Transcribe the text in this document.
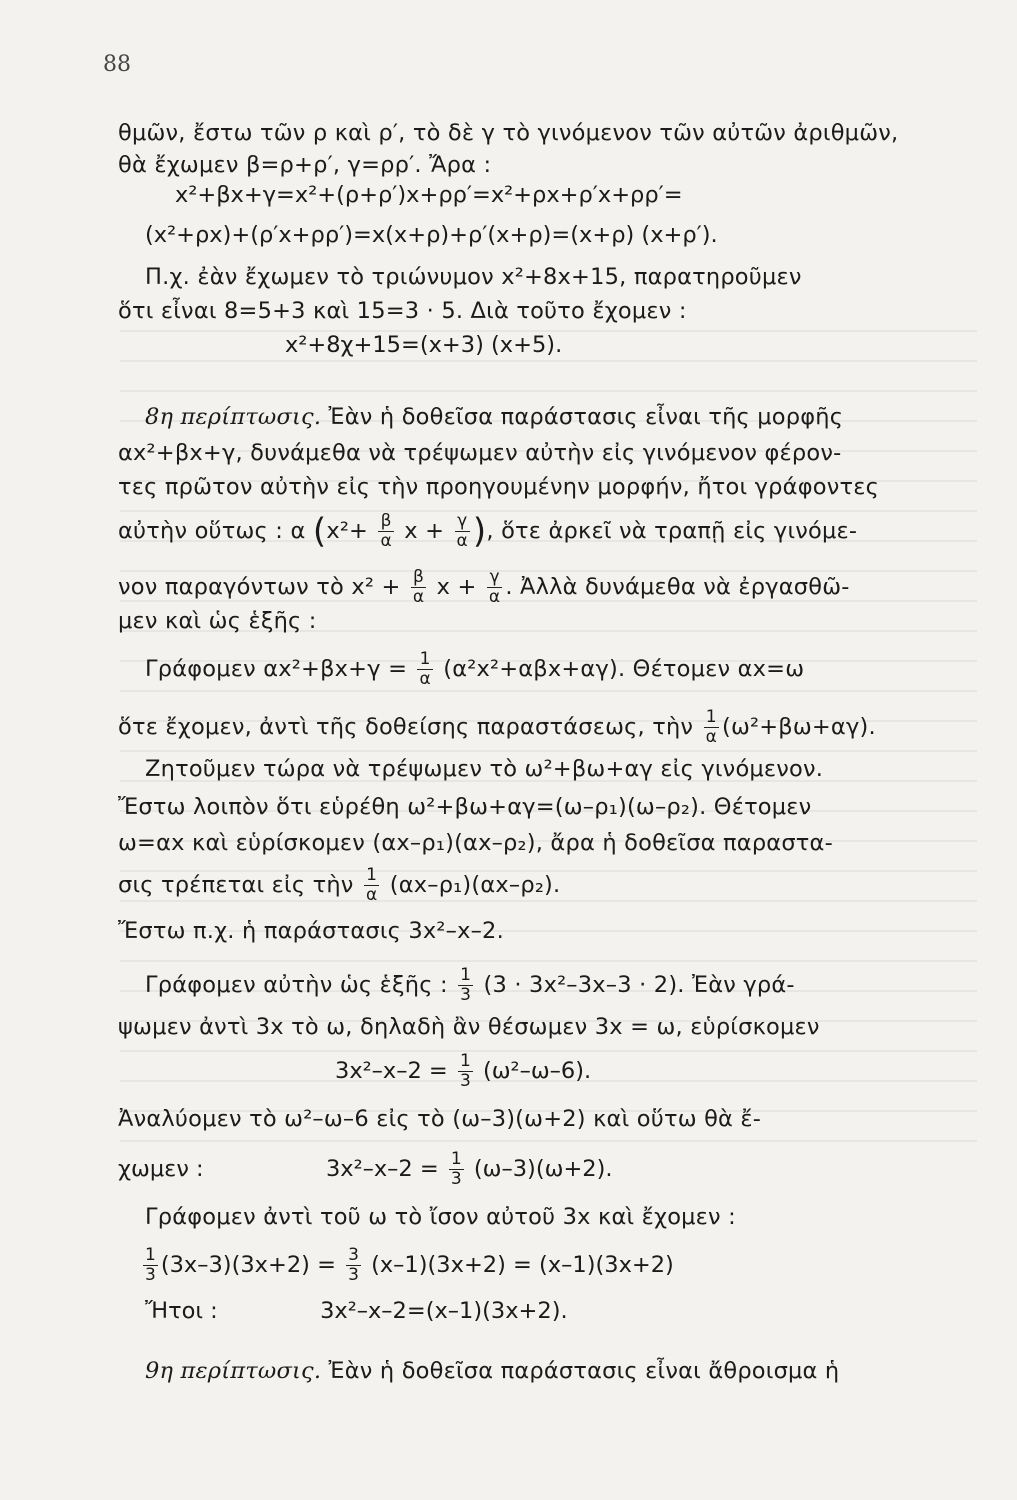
88
θμῶν, ἔστω τῶν ρ καὶ ρ′, τὸ δὲ γ τὸ γινόμενον τῶν αὐτῶν ἀριθμῶν,
θὰ ἔχωμεν β=ρ+ρ′, γ=ρρ′. Ἄρα :
x²+βx+γ=x²+(ρ+ρ′)x+ρρ′=x²+ρx+ρ′x+ρρ′=
(x²+ρx)+(ρ′x+ρρ′)=x(x+ρ)+ρ′(x+ρ)=(x+ρ) (x+ρ′).
Π.χ. ἐὰν ἔχωμεν τὸ τριώνυμον x²+8x+15, παρατηροῦμεν
ὅτι εἶναι 8=5+3 καὶ 15=3 · 5. Διὰ τοῦτο ἔχομεν :
x²+8χ+15=(x+3) (x+5).
8η περίπτωσις. Ἐὰν ἡ δοθεῖσα παράστασις εἶναι τῆς μορφῆς
αx²+βx+γ, δυνάμεθα νὰ τρέψωμεν αὐτὴν εἰς γινόμενον φέρον-
τες πρῶτον αὐτὴν εἰς τὴν προηγουμένην μορφήν, ἤτοι γράφοντες
αὐτὴν οὕτως : α ($x^2+ \frac{\beta}{\alpha}$ $x + \frac{\gamma}{\alpha}$ ), ὅτε ἀρκεῖ νὰ τραπῇ εἰς γινόμε-
νον παραγόντων τὸ $x^2 + \frac{\beta}{\alpha}$ $x + \frac{\gamma}{\alpha}$ . Ἀλλὰ δυνάμεθα νὰ ἐργασθῶ-
μεν καὶ ὡς ἑξῆς :
Γράφομεν $\alpha x^2+\beta x+\gamma = \frac{1}{\alpha} (\alpha^2x^2+\alpha\beta x+\alpha\gamma)$. Θέτομεν αx=ω
ὅτε ἔχομεν, ἀντὶ τῆς δοθείσης παραστάσεως, τὴν $\frac{1}{\alpha} (\omega^2+\beta\omega+\alpha\gamma)$.
Ζητοῦμεν τώρα νὰ τρέψωμεν τὸ ω²+βω+αγ εἰς γινόμενον.
Ἔστω λοιπὸν ὅτι εὑρέθη ω²+βω+αγ=(ω–ρ₁)(ω–ρ₂). Θέτομεν
ω=αx καὶ εὑρίσκομεν (αx–ρ₁)(αx–ρ₂), ἄρα ἡ δοθεῖσα παραστα-
σις τρέπεται εἰς τὴν $\frac{1}{\alpha} (\alpha x-\rho_1)(\alpha x-\rho_2)$.
Ἔστω π.χ. ἡ παράστασις 3x²–x–2.
Γράφομεν αὐτὴν ὡς ἑξῆς : $\frac{1}{3} (3 \cdot 3x^2-3x-3 \cdot 2)$. Ἐὰν γρά-
ψωμεν ἀντὶ 3x τὸ ω, δηλαδὴ ἂν θέσωμεν 3x = ω, εὑρίσκομεν
$3x^2-x-2 = \frac{1}{3} (\omega^2-\omega-6)$.
Ἀναλύομεν τὸ ω²–ω–6 εἰς τὸ (ω–3)(ω+2) καὶ οὕτω θὰ ἔ-
χωμεν :	$3x^2-x-2 = \frac{1}{3} (\omega-3)(\omega+2)$.
Γράφομεν ἀντὶ τοῦ ω τὸ ἴσον αὐτοῦ 3x καὶ ἔχομεν :
$\frac{1}{3} (3x-3)(3x+2) = \frac{3}{3} (x-1)(3x+2) = (x-1)(3x+2)$
Ἤτοι :	3x²–x–2=(x–1)(3x+2).
9η περίπτωσις. Ἐὰν ἡ δοθεῖσα παράστασις εἶναι ἄθροισμα ἡ
